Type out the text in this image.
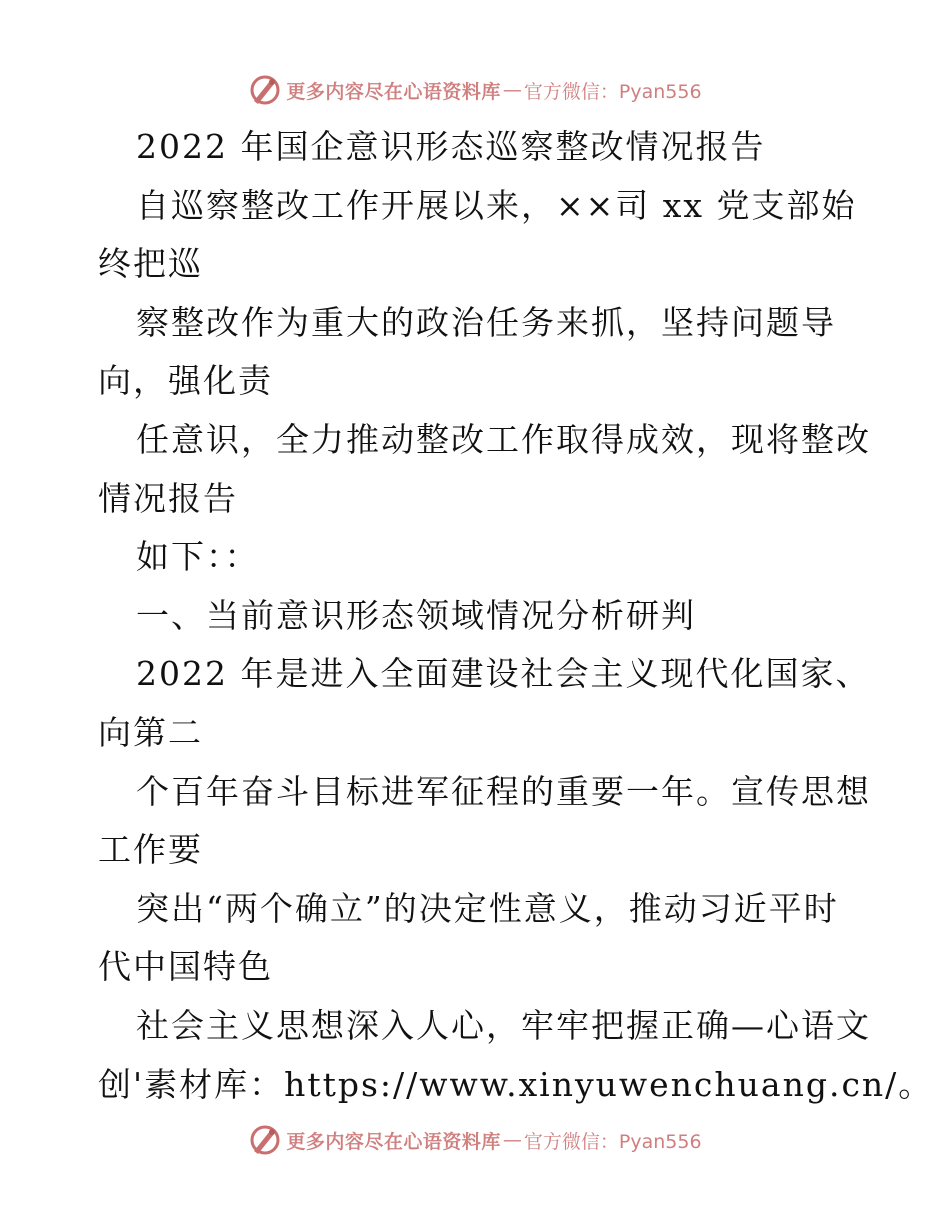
更多内容尽在心语资料库 — 官方微信：Pyan556
2022 年国企意识形态巡察整改情况报告
自巡察整改工作开展以来，××司 xx 党支部始
终把巡
察整改作为重大的政治任务来抓，坚持问题导
向，强化责
任意识，全力推动整改工作取得成效，现将整改
情况报告
如下：：
一、当前意识形态领域情况分析研判
2022 年是进入全面建设社会主义现代化国家、
向第二
个百年奋斗目标进军征程的重要一年。宣传思想
工作要
突出“两个确立”的决定性意义，推动习近平时
代中国特色
社会主义思想深入人心，牢牢把握正确—心语文
创'素材库：https://www.xinyuwenchuang.cn/。
更多内容尽在心语资料库 — 官方微信：Pyan556
